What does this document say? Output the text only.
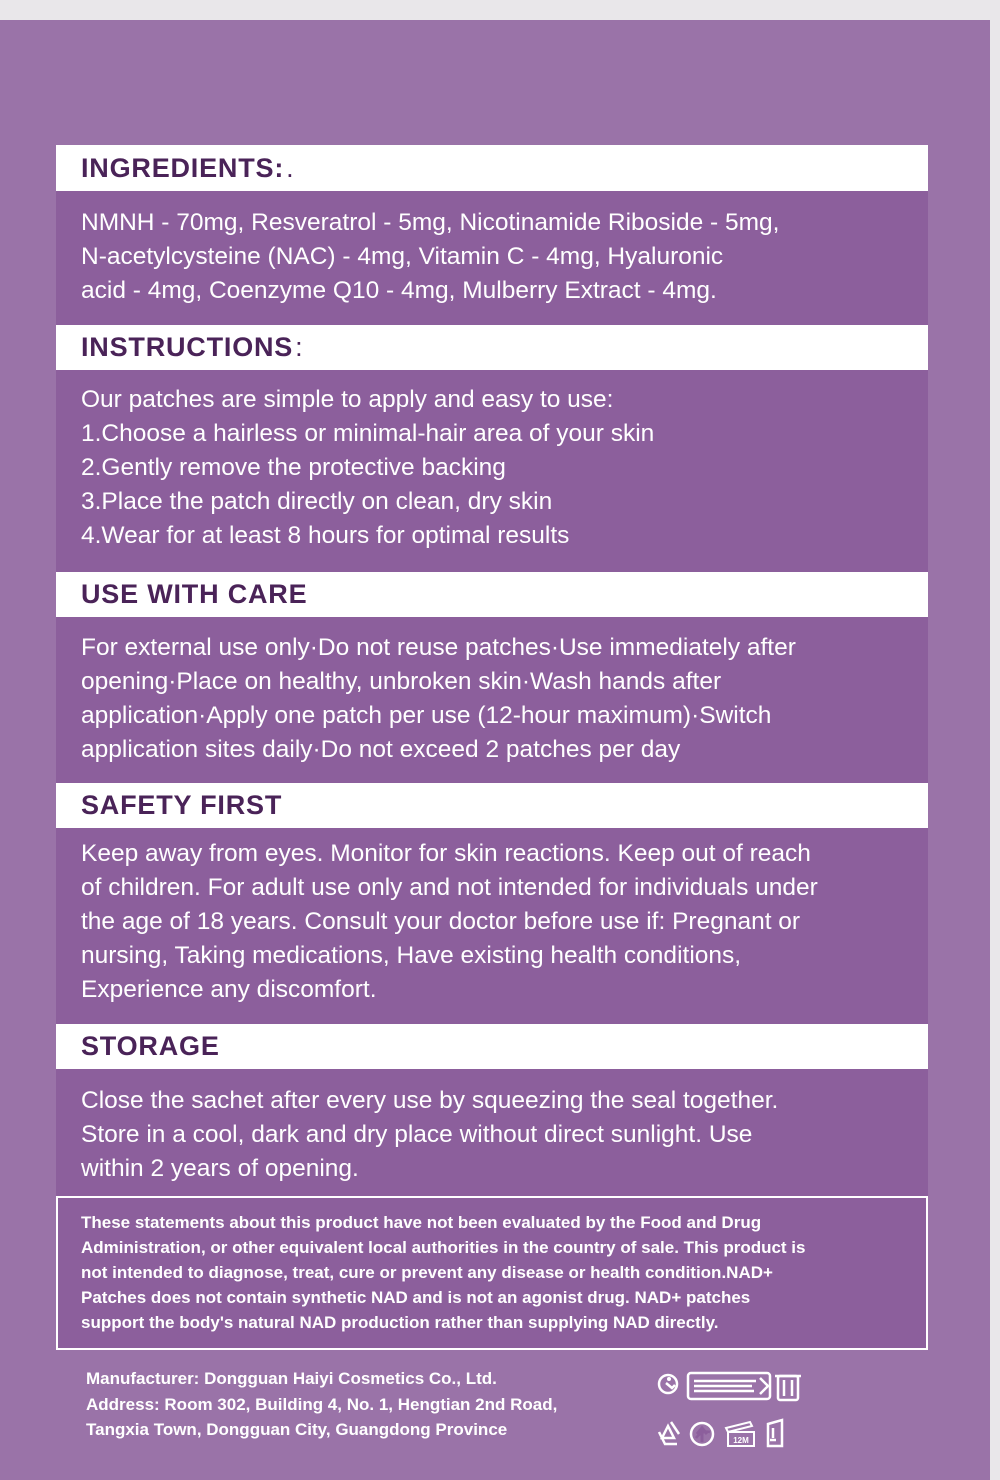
INGREDIENTS: .

NMNH - 70mg, Resveratrol - 5mg, Nicotinamide Riboside - 5mg,

N-acetylcysteine (NAC) - 4mg, Vitamin C - 4mg, Hyaluronic

acid - 4mg, Coenzyme Q10 - 4mg, Mulberry Extract - 4mg.

INSTRUCTIONS :

Our patches are simple to apply and easy to use:

1.Choose a hairless or minimal-hair area of your skin

2.Gently remove the protective backing

3.Place the patch directly on clean, dry skin

4.Wear for at least 8 hours for optimal results

USE WITH CARE

For external use only·Do not reuse patches·Use immediately after

opening·Place on healthy, unbroken skin·Wash hands after

application·Apply one patch per use (12-hour maximum)·Switch

application sites daily·Do not exceed 2 patches per day

SAFETY FIRST

Keep away from eyes. Monitor for skin reactions. Keep out of reach

of children. For adult use only and not intended for individuals under

the age of 18 years. Consult your doctor before use if: Pregnant or

nursing, Taking medications, Have existing health conditions,

Experience any discomfort.

STORAGE

Close the sachet after every use by squeezing the seal together.

Store in a cool, dark and dry place without direct sunlight. Use

within 2 years of opening.

These statements about this product have not been evaluated by the Food and Drug
Administration, or other equivalent local authorities in the country of sale. This product is
not intended to diagnose, treat, cure or prevent any disease or health condition.NAD+
Patches does not contain synthetic NAD and is not an agonist drug. NAD+ patches
support the body's natural NAD production rather than supplying NAD directly.
Manufacturer: Dongguan Haiyi Cosmetics Co., Ltd.
Address: Room 302, Building 4, No. 1, Hengtian 2nd Road,
Tangxia Town, Dongguan City, Guangdong Province
12M
